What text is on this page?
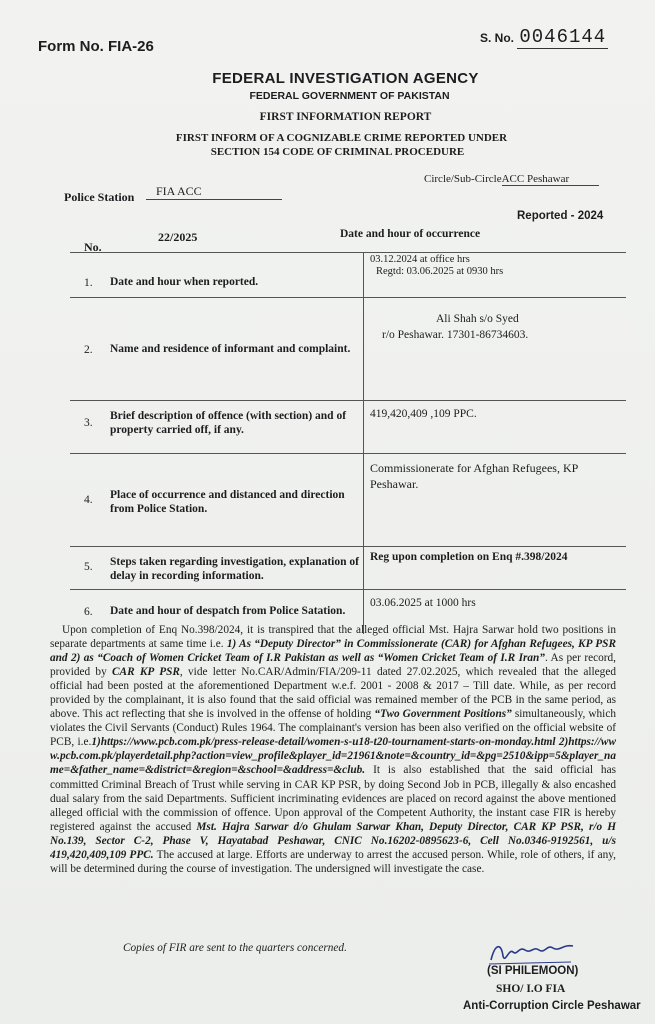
Form No. FIA-26	S. No. 0046144
FEDERAL INVESTIGATION AGENCY
FEDERAL GOVERNMENT OF PAKISTAN
FIRST INFORMATION REPORT
FIRST INFORM OF A COGNIZABLE CRIME REPORTED UNDER
SECTION 154 CODE OF CRIMINAL PROCEDURE
Police Station	FIA ACC
Circle/Sub-CircleACC Peshawar
No.
22/2025	Date and hour of occurrence
Reported - 2024
1. Date and hour when reported.
03.12.2024 at office hrs
Regtd: 03.06.2025 at 0930 hrs
2. Name and residence of informant and complaint.
Ali Shah s/o Syed
r/o Peshawar. 17301-86734603.
3.
Brief description of offence (with section) and of property carried off, if any.
419,420,409 ,109 PPC.
4. Place of occurrence and distanced and direction from Police Station.
Commissionerate for Afghan Refugees, KP Peshawar.
5. Steps taken regarding investigation, explanation of delay in recording information.
Reg upon completion on Enq #.398/2024
6. Date and hour of despatch from Police Satation.
03.06.2025 at 1000 hrs
Upon completion of Enq No.398/2024, it is transpired that the alleged official Mst. Hajra Sarwar hold two positions in separate departments at same time i.e. 1) As “Deputy Director” in Commissionerate (CAR) for Afghan Refugees, KP PSR and 2) as “Coach of Women Cricket Team of I.R Pakistan as well as “Women Cricket Team of I.R Iran”. As per record, provided by CAR KP PSR, vide letter No.CAR/Admin/FIA/209-11 dated 27.02.2025, which revealed that the alleged official had been posted at the aforementioned Department w.e.f. 2001 - 2008 & 2017 – Till date. While, as per record provided by the complainant, it is also found that the said official was remained member of the PCB in the same period, as above. This act reflecting that she is involved in the offense of holding “Two Government Positions” simultaneously, which violates the Civil Servants (Conduct) Rules 1964. The complainant's version has been also verified on the official website of PCB, i.e.1)https://www.pcb.com.pk/press-release-detail/women-s-u18-t20-tournament-starts-on-monday.html 2)https://www.pcb.com.pk/playerdetail.php?action=view_profile&player_id=21961&note=&country_id=&pg=2510&ipp=5&player_name=&father_name=&district=&region=&school=&address=&club. It is also established that the said official has committed Criminal Breach of Trust while serving in CAR KP PSR, by doing Second Job in PCB, illegally & also encashed dual salary from the said Departments. Sufficient incriminating evidences are placed on record against the above mentioned alleged official with the commission of offence. Upon approval of the Competent Authority, the instant case FIR is hereby registered against the accused Mst. Hajra Sarwar d/o Ghulam Sarwar Khan, Deputy Director, CAR KP PSR, r/o H No.139, Sector C-2, Phase V, Hayatabad Peshawar, CNIC No.16202-0895623-6, Cell No.0346-9192561, u/s 419,420,409,109 PPC. The accused at large. Efforts are underway to arrest the accused person. While, role of others, if any, will be determined during the course of investigation. The undersigned will investigate the case.
Copies of FIR are sent to the quarters concerned.
(SI PHILEMOON)
SHO/ I.O FIA
Anti-Corruption Circle Peshawar
